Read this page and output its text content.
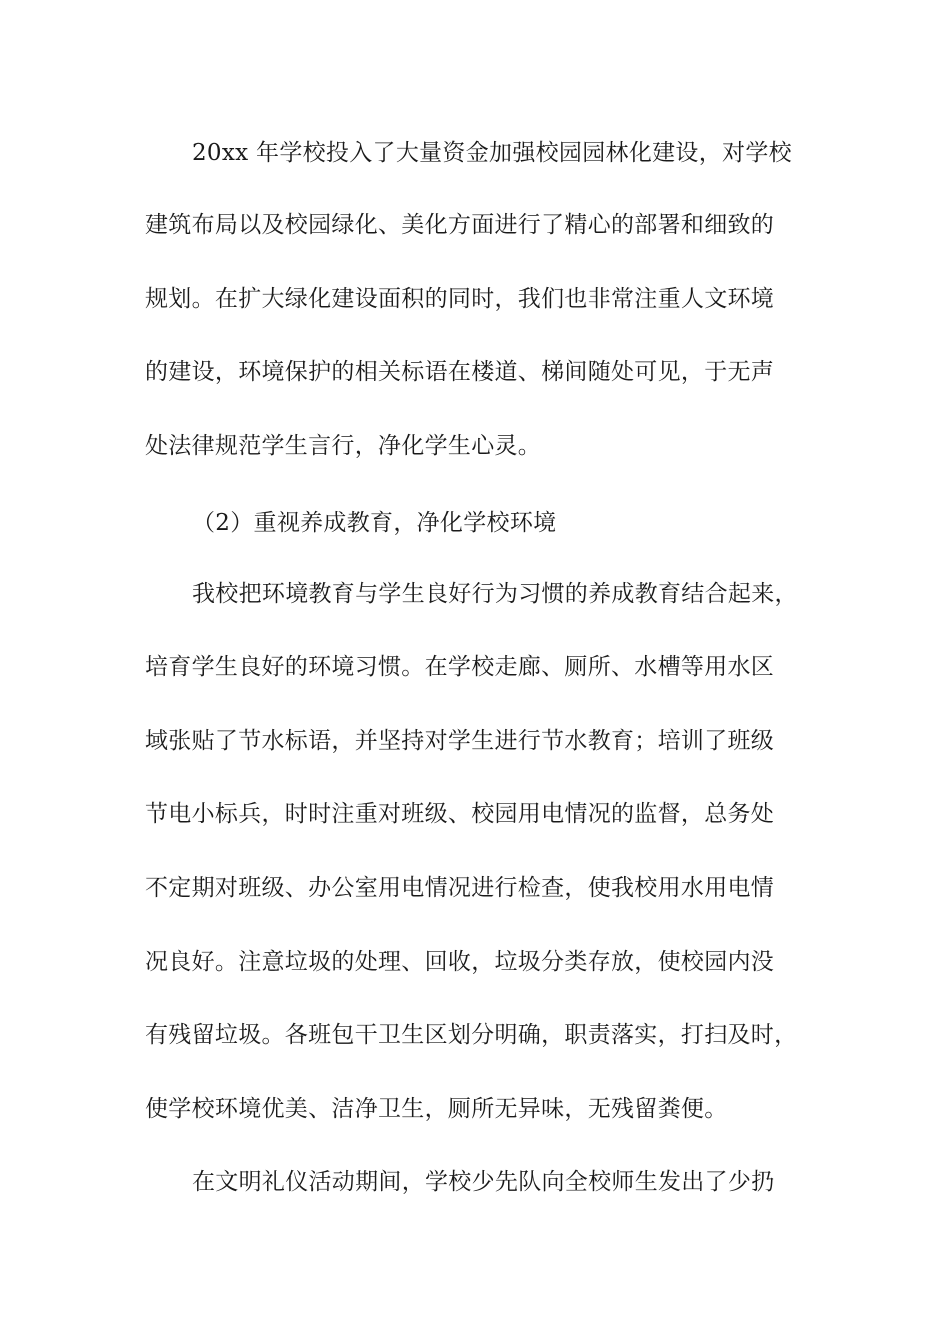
20xx 年学校投入了大量资金加强校园园林化建设，对学校
建筑布局以及校园绿化、美化方面进行了精心的部署和细致的
规划。在扩大绿化建设面积的同时，我们也非常注重人文环境
的建设，环境保护的相关标语在楼道、梯间随处可见，于无声
处法律规范学生言行，净化学生心灵。
（2）重视养成教育，净化学校环境
我校把环境教育与学生良好行为习惯的养成教育结合起来，
培育学生良好的环境习惯。在学校走廊、厕所、水槽等用水区
域张贴了节水标语，并坚持对学生进行节水教育；培训了班级
节电小标兵，时时注重对班级、校园用电情况的监督，总务处
不定期对班级、办公室用电情况进行检查，使我校用水用电情
况良好。注意垃圾的处理、回收，垃圾分类存放，使校园内没
有残留垃圾。各班包干卫生区划分明确，职责落实，打扫及时，
使学校环境优美、洁净卫生，厕所无异味，无残留粪便。
在文明礼仪活动期间，学校少先队向全校师生发出了少扔
